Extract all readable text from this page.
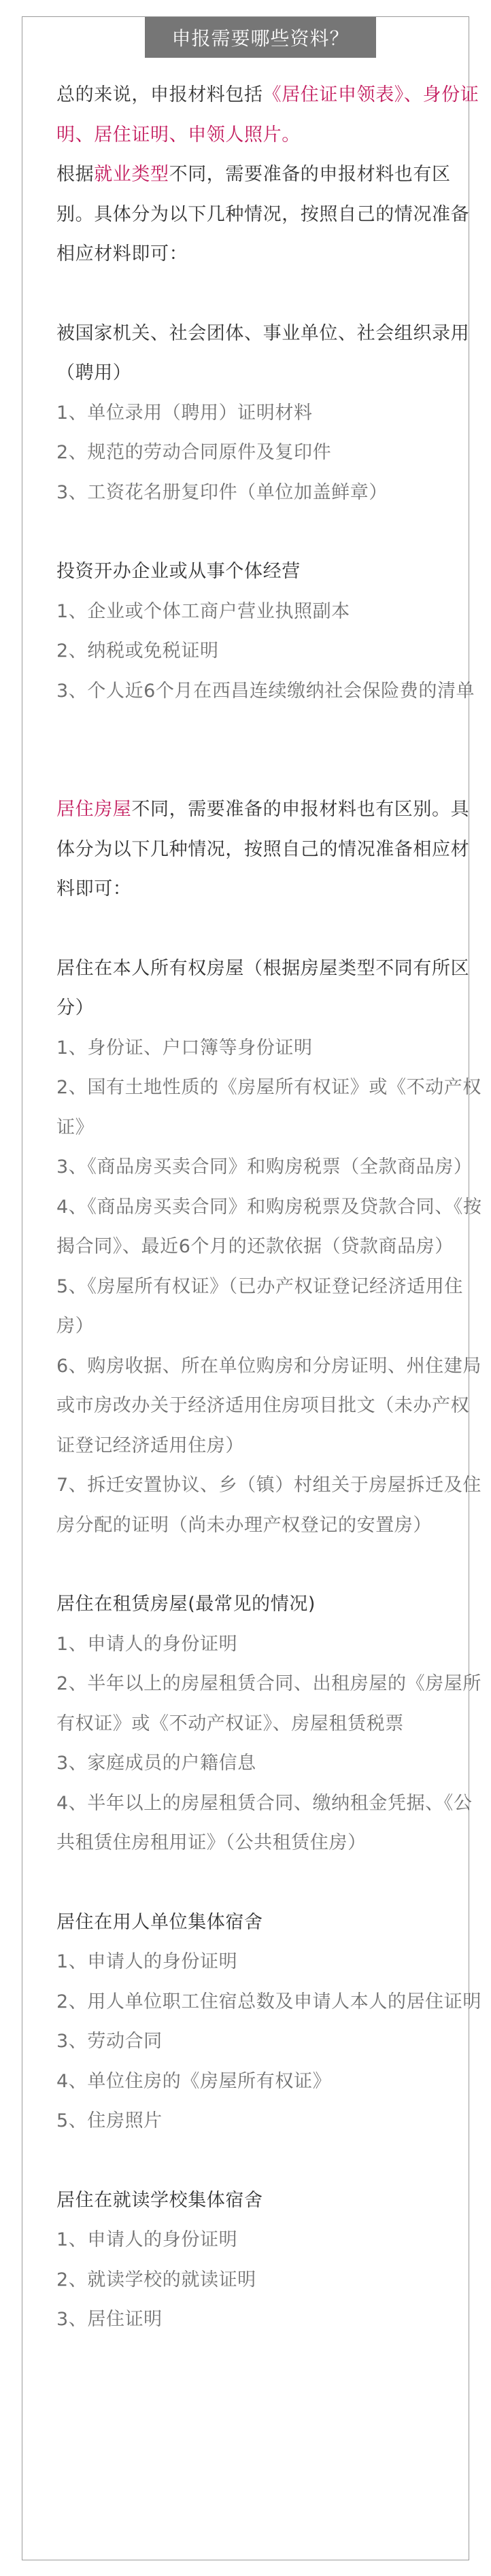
申报需要哪些资料？

总的来说，申报材料包括《居住证申领表》、身份证明、居住证明、申领人照片。

根据就业类型不同，需要准备的申报材料也有区别。具体分为以下几种情况，按照自己的情况准备相应材料即可：

被国家机关、社会团体、事业单位、社会组织录用（聘用）

1、单位录用（聘用）证明材料

2、规范的劳动合同原件及复印件

3、工资花名册复印件（单位加盖鲜章）

投资开办企业或从事个体经营

1、企业或个体工商户营业执照副本

2、纳税或免税证明

3、个人近6个月在西昌连续缴纳社会保险费的清单

居住房屋不同，需要准备的申报材料也有区别。具体分为以下几种情况，按照自己的情况准备相应材料即可：

居住在本人所有权房屋（根据房屋类型不同有所区分）

1、身份证、户口簿等身份证明

2、国有土地性质的《房屋所有权证》或《不动产权证》

3、《商品房买卖合同》和购房税票（全款商品房）

4、《商品房买卖合同》和购房税票及贷款合同、《按揭合同》、最近6个月的还款依据（贷款商品房）

5、《房屋所有权证》（已办产权证登记经济适用住房）

6、购房收据、所在单位购房和分房证明、州住建局或市房改办关于经济适用住房项目批文（未办产权证登记经济适用住房）

7、拆迁安置协议、乡（镇）村组关于房屋拆迁及住房分配的证明（尚未办理产权登记的安置房）

居住在租赁房屋(最常见的情况)

1、申请人的身份证明

2、半年以上的房屋租赁合同、出租房屋的《房屋所有权证》或《不动产权证》、房屋租赁税票

3、家庭成员的户籍信息

4、半年以上的房屋租赁合同、缴纳租金凭据、《公共租赁住房租用证》（公共租赁住房）

居住在用人单位集体宿舍

1、申请人的身份证明

2、用人单位职工住宿总数及申请人本人的居住证明

3、劳动合同

4、单位住房的《房屋所有权证》

5、住房照片

居住在就读学校集体宿舍

1、申请人的身份证明

2、就读学校的就读证明

3、居住证明
